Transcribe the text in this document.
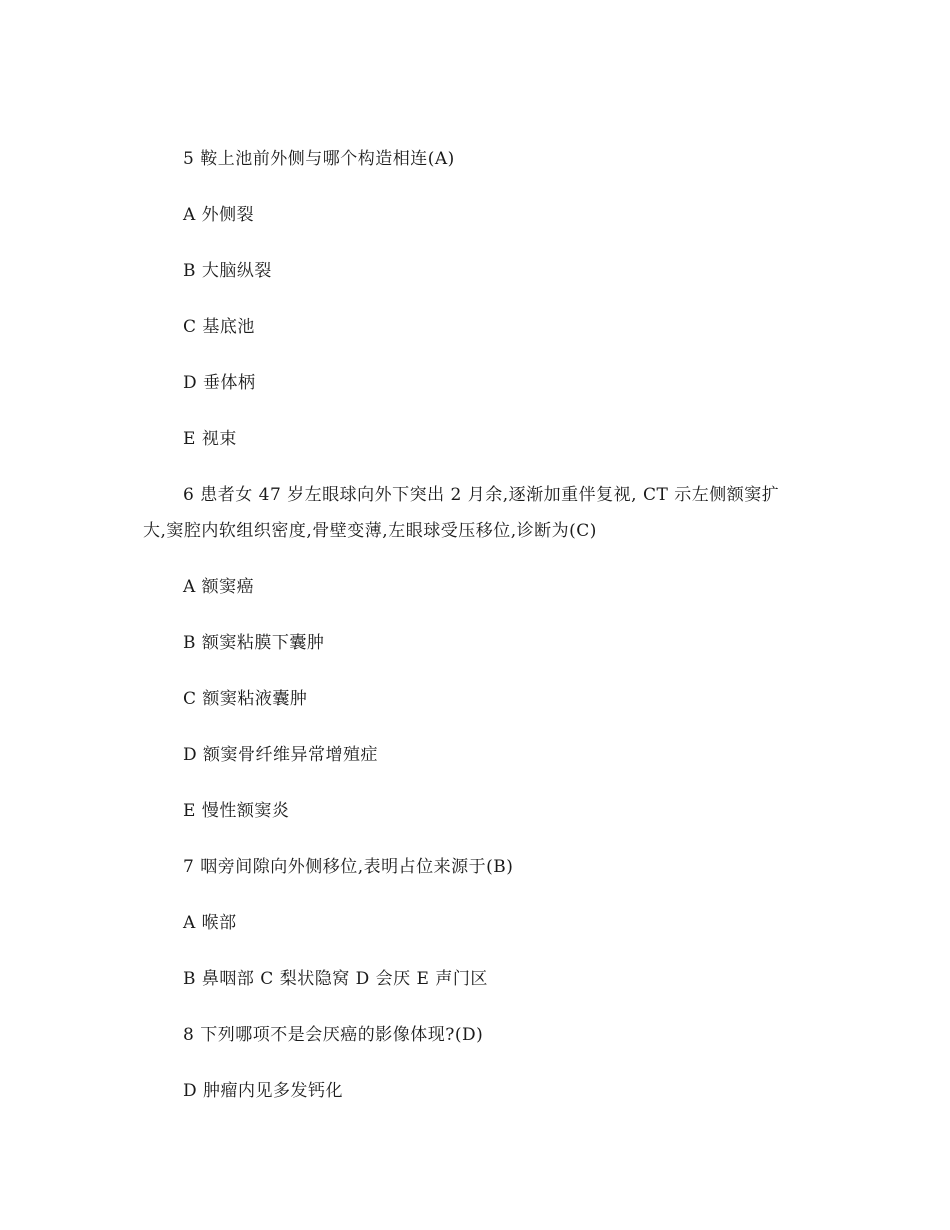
5 鞍上池前外侧与哪个构造相连(A)
A 外侧裂
B 大脑纵裂
C 基底池
D 垂体柄
E 视束
6 患者女 47 岁左眼球向外下突出 2 月余,逐渐加重伴复视, CT 示左侧额窦扩
大,窦腔内软组织密度,骨壁变薄,左眼球受压移位,诊断为(C)
A 额窦癌
B 额窦粘膜下囊肿
C 额窦粘液囊肿
D 额窦骨纤维异常增殖症
E 慢性额窦炎
7 咽旁间隙向外侧移位,表明占位来源于(B)
A 喉部
B 鼻咽部 C 梨状隐窝 D 会厌 E 声门区
8 下列哪项不是会厌癌的影像体现?(D)
D 肿瘤内见多发钙化
